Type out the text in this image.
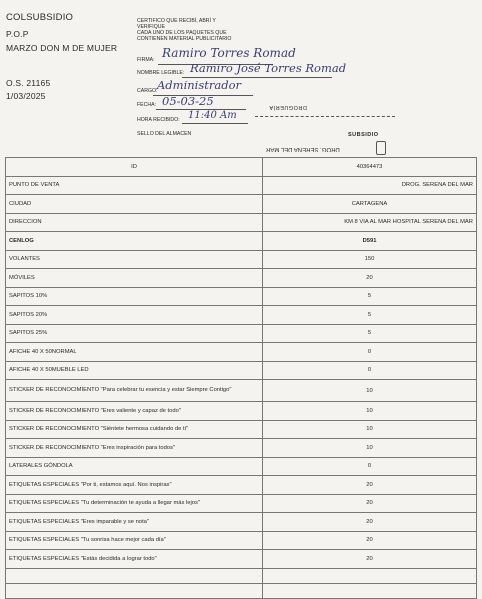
COLSUBSIDIO
P.O.P
MARZO DON M DE MUJER
O.S. 21165
1/03/2025
CERTIFICO QUE RECIBÍ, ABRÍ Y
VERIFIQUE
CADA UNO DE LOS PAQUETES QUE
CONTIENEN MATERIAL PUBLICITARIO
FIRMA: Ramiro Torres Romad
NOMBRE LEGIBLE: Ramiro José Torres Romad
CARGO: Administrador
FECHA: 05-03-25
HORA RECIBIDO: 11:40 Am
SELLO DEL ALMACEN
DROGUERÍA
DROG. SERENA DEL MAR
SUBSIDIO
ID	40364473
PUNTO DE VENTA	DROG. SERENA DEL MAR
CIUDAD	CARTAGENA
DIRECCION	KM 8 VIA AL MAR HOSPITAL SERENA DEL MAR
CENLOG	D591
VOLANTES	150
MÓVILES	20
SAPITOS 10%	5
SAPITOS 20%	5
SAPITOS 25%	5
AFICHE 40 X 50NORMAL	0
AFICHE 40 X 50MUEBLE LED	0
STICKER DE RECONOCIMIENTO "Para celebrar tu esencia y estar Siempre Contigo"	10
STICKER DE RECONOCIMIENTO "Eres valiente y capaz de todo"	10
STICKER DE RECONOCIMIENTO "Siéntete hermosa cuidando de ti"	10
STICKER DE RECONOCIMIENTO "Eres inspiración para todos"	10
LATERALES GÓNDOLA	0
ETIQUETAS ESPECIALES "Por ti, estamos aquí. Nos inspiras"	20
ETIQUETAS ESPECIALES "Tu determinación te ayuda a llegar más lejos"	20
ETIQUETAS ESPECIALES "Eres imparable y se nota"	20
ETIQUETAS ESPECIALES "Tu sonrisa hace mejor cada día"	20
ETIQUETAS ESPECIALES "Estás decidida a lograr todo"	20
